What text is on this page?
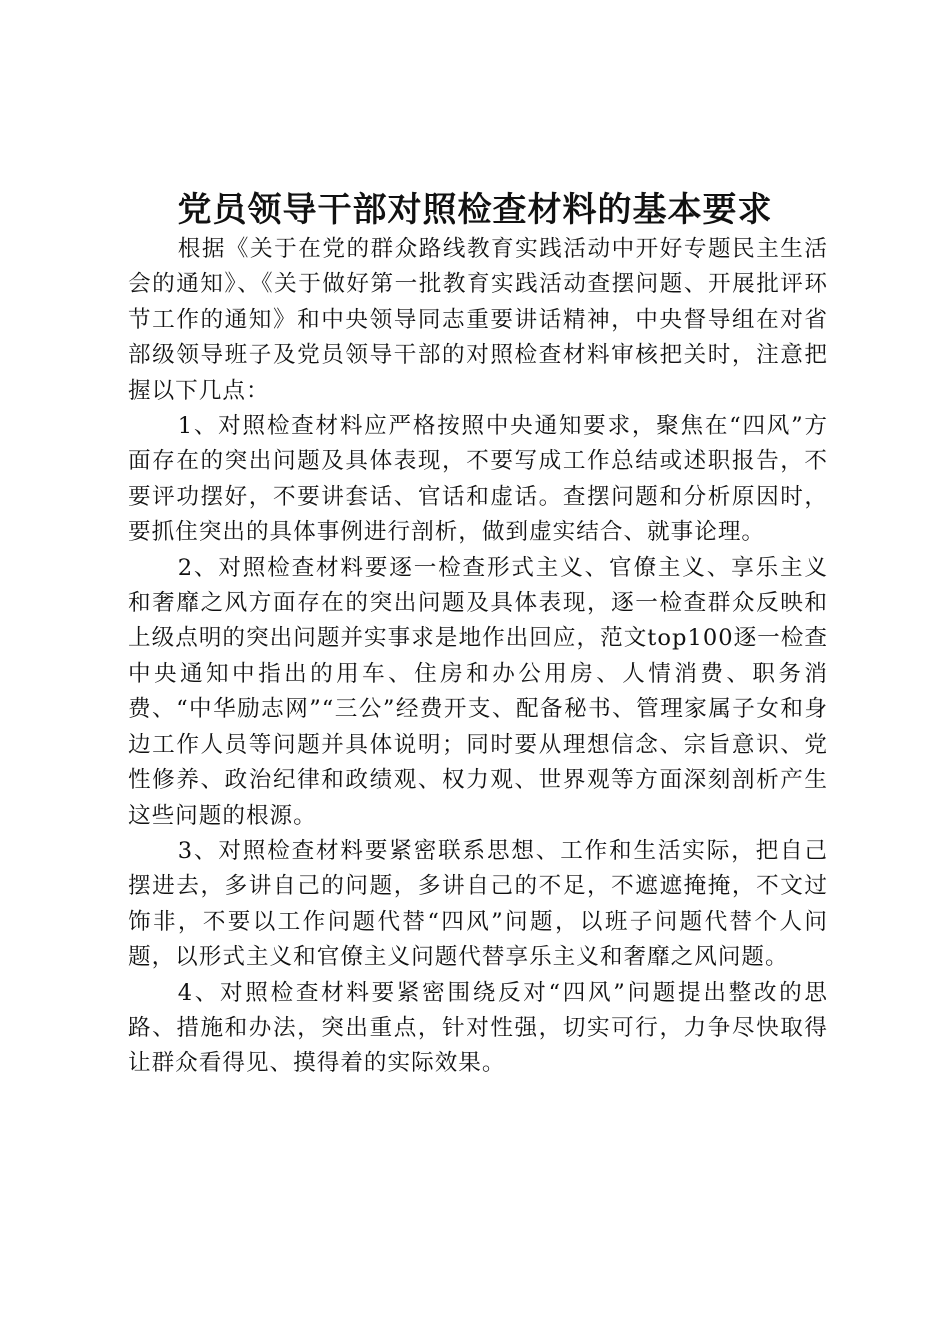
党员领导干部对照检查材料的基本要求

根据《关于在党的群众路线教育实践活动中开好专题民主生活会的通知》、《关于做好第一批教育实践活动查摆问题、开展批评环节工作的通知》和中央领导同志重要讲话精神，中央督导组在对省部级领导班子及党员领导干部的对照检查材料审核把关时，注意把握以下几点：

1、对照检查材料应严格按照中央通知要求，聚焦在“四风”方面存在的突出问题及具体表现，不要写成工作总结或述职报告，不要评功摆好，不要讲套话、官话和虚话。查摆问题和分析原因时，要抓住突出的具体事例进行剖析，做到虚实结合、就事论理。

2、对照检查材料要逐一检查形式主义、官僚主义、享乐主义和奢靡之风方面存在的突出问题及具体表现，逐一检查群众反映和上级点明的突出问题并实事求是地作出回应，范文top100逐一检查中央通知中指出的用车、住房和办公用房、人情消费、职务消费、“中华励志网”“三公”经费开支、配备秘书、管理家属子女和身边工作人员等问题并具体说明；同时要从理想信念、宗旨意识、党性修养、政治纪律和政绩观、权力观、世界观等方面深刻剖析产生这些问题的根源。

3、对照检查材料要紧密联系思想、工作和生活实际，把自己摆进去，多讲自己的问题，多讲自己的不足，不遮遮掩掩，不文过饰非，不要以工作问题代替“四风”问题，以班子问题代替个人问题，以形式主义和官僚主义问题代替享乐主义和奢靡之风问题。

4、对照检查材料要紧密围绕反对“四风”问题提出整改的思路、措施和办法，突出重点，针对性强，切实可行，力争尽快取得让群众看得见、摸得着的实际效果。
